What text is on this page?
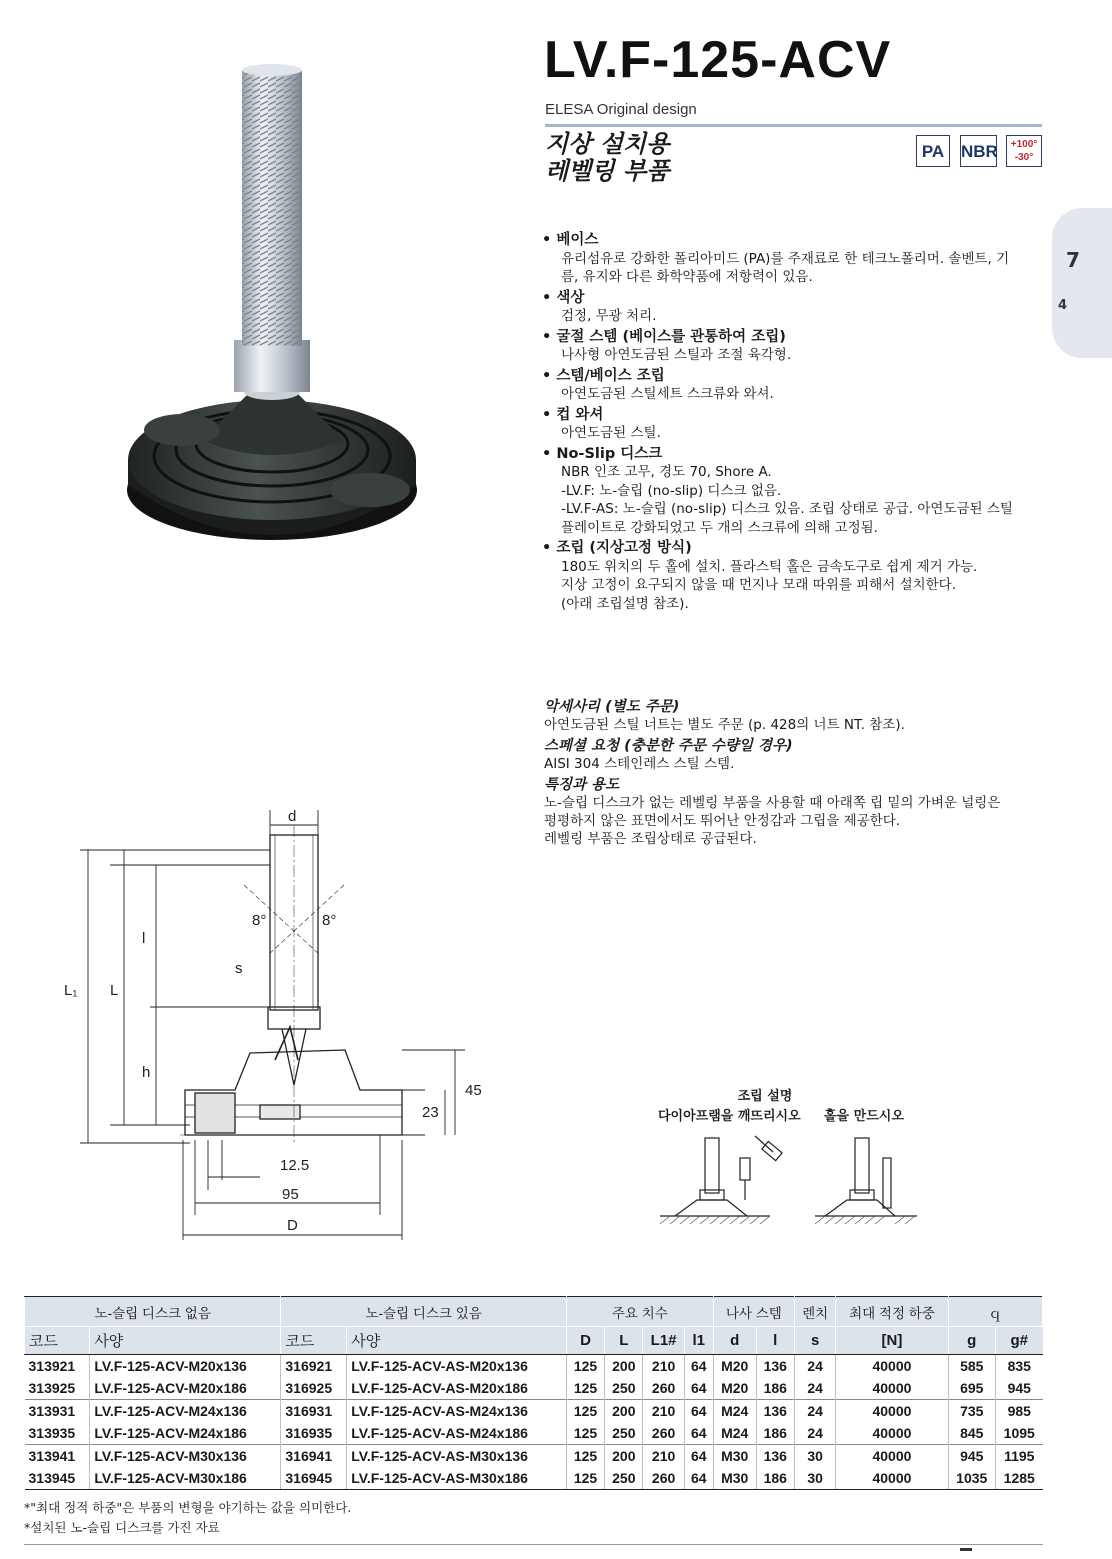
LV.F-125-ACV
ELESA Original design
지상 설치용
레벨링 부품
PA NBR	+100°
-30°
7
4
• 베이스
유리섬유로 강화한 폴리아미드 (PA)를 주재료로 한 테크노폴리머. 솔벤트, 기
름, 유지와 다른 화학약품에 저항력이 있음.
• 색상
검정, 무광 처리.
• 굴절 스템 (베이스를 관통하여 조립)
나사형 아연도금된 스틸과 조절 육각형.
• 스템/베이스 조립
아연도금된 스틸세트 스크류와 와셔.
• 컵 와셔
아연도금된 스틸.
• No-Slip 디스크
NBR 인조 고무, 경도 70, Shore A.
-LV.F: 노-슬립 (no-slip) 디스크 없음.
-LV.F-AS: 노-슬립 (no-slip) 디스크 있음. 조립 상태로 공급. 아연도금된 스틸
플레이트로 강화되었고 두 개의 스크류에 의해 고정됨.
• 조립 (지상고정 방식)
180도 위치의 두 홀에 설치. 플라스틱 홀은 금속도구로 쉽게 제거 가능.
지상 고정이 요구되지 않을 때 먼지나 모래 따위를 피해서 설치한다.
(아래 조립설명 참조).
악세사리 (별도 주문)
아연도금된 스틸 너트는 별도 주문 (p. 428의 너트 NT. 참조).
스페셜 요청 (충분한 주문 수량일 경우)
AISI 304 스테인레스 스틸 스템.
특징과 용도
노-슬립 디스크가 없는 레벨링 부품을 사용할 때 아래쪽 립 밑의 가벼운 널링은
평평하지 않은 표면에서도 뛰어난 안정감과 그립을 제공한다.
레벨링 부품은 조립상태로 공급된다.
d
l
L
L₁
h
s
8°	8°
45
23
12.5
95
D
조립 설명
다이아프램을 깨뜨리시오 홀을 만드시오
노-슬립 디스크 없음		노-슬립 디스크 있음		주요 치수				나사 스템		렌치	최대 적정 하중	ｑ	
코드	사양	코드	사양	D	L	L1#	l1	d	l	s	[N]	g	g#
313921	LV.F-125-ACV-M20x136	316921	LV.F-125-ACV-AS-M20x136	125	200	210	64	M20	136	24	40000	585	835
313925	LV.F-125-ACV-M20x186	316925	LV.F-125-ACV-AS-M20x186	125	250	260	64	M20	186	24	40000	695	945
313931	LV.F-125-ACV-M24x136	316931	LV.F-125-ACV-AS-M24x136	125	200	210	64	M24	136	24	40000	735	985
313935	LV.F-125-ACV-M24x186	316935	LV.F-125-ACV-AS-M24x186	125	250	260	64	M24	186	24	40000	845	1095
313941	LV.F-125-ACV-M30x136	316941	LV.F-125-ACV-AS-M30x136	125	200	210	64	M30	136	30	40000	945	1195
313945	LV.F-125-ACV-M30x186	316945	LV.F-125-ACV-AS-M30x186	125	250	260	64	M30	186	30	40000	1035	1285
*"최대 정적 하중"은 부품의 변형을 야기하는 값을 의미한다.
*설치된 노-슬립 디스크를 가진 자료
